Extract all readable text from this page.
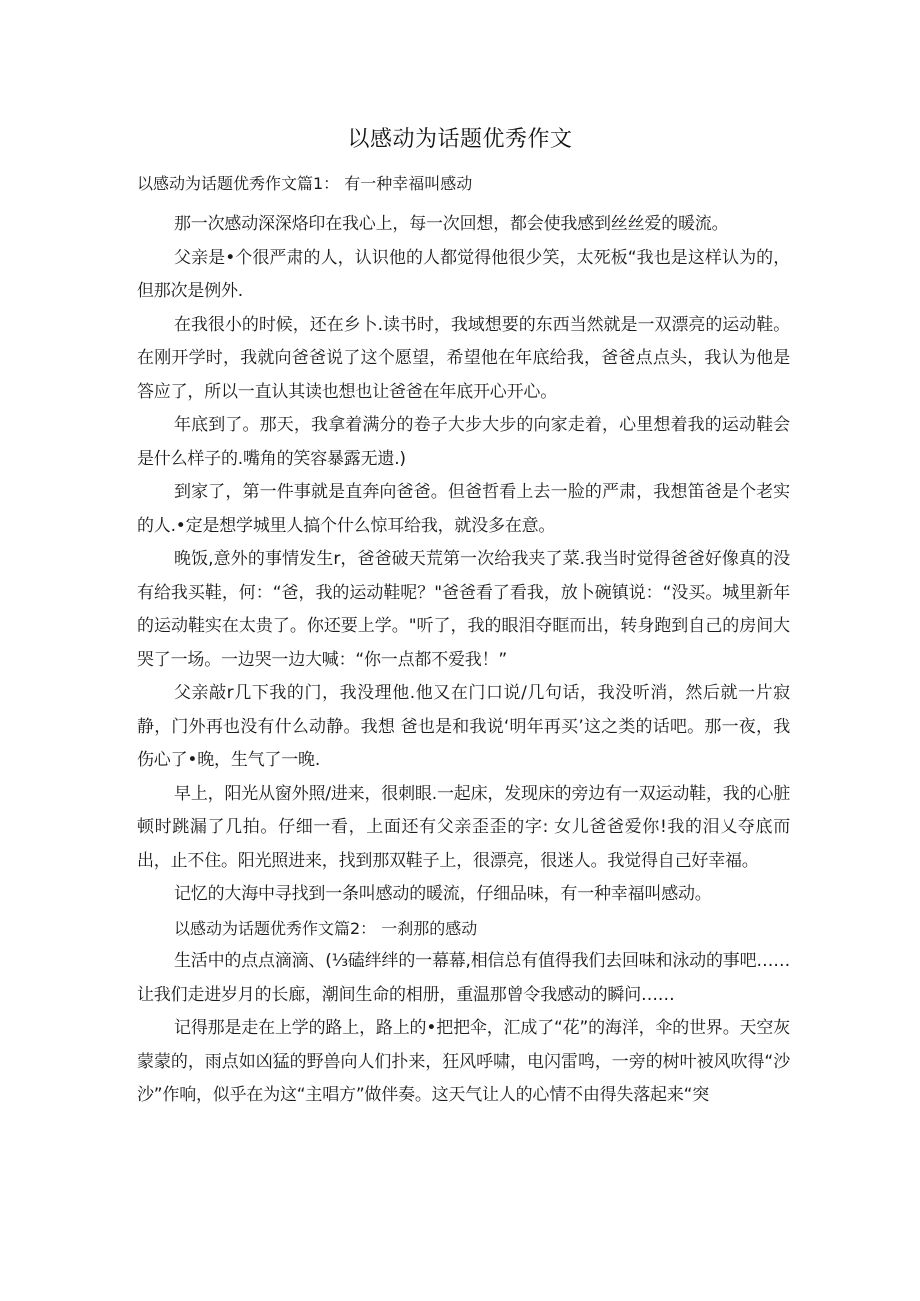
以感动为话题优秀作文
以感动为话题优秀作文篇1： 有一种幸福叫感动

那一次感动深深烙印在我心上，每一次回想，都会使我感到丝丝爱的暖流。

父亲是•个很严肃的人，认识他的人都觉得他很少笑，太死板“我也是这样认为的，但那次是例外.

在我很小的时候，还在乡卜.读书时，我域想要的东西当然就是一双漂亮的运动鞋。在刚开学时，我就向爸爸说了这个愿望，希望他在年底给我，爸爸点点头，我认为他是答应了，所以一直认其读也想也让爸爸在年底开心开心。

年底到了。那天，我拿着满分的卷子大步大步的向家走着，心里想着我的运动鞋会是什么样子的.嘴角的笑容暴露无遗.)

到家了，第一件事就是直奔向爸爸。但爸哲看上去一脸的严肃，我想笛爸是个老实的人.•定是想学城里人搞个什么惊耳给我，就没多在意。

晚饭,意外的事情发生r，爸爸破天荒第一次给我夹了菜.我当时觉得爸爸好像真的没有给我买鞋，何：“爸，我的运动鞋呢？"爸爸看了看我，放卜碗镇说：“没买。城里新年的运动鞋实在太贵了。你还要上学。"听了，我的眼泪夺眶而出，转身跑到自己的房间大哭了一场。一边哭一边大喊：“你一点都不爱我！”

父亲敲r几下我的门，我没理他.他又在门口说/几句话，我没听消，然后就一片寂静，门外再也没有什么动静。我想 爸也是和我说‘明年再买’这之类的话吧。那一夜，我伤心了•晚，生气了一晚.

早上，阳光从窗外照/进来，很刺眼.一起床，发现床的旁边有一双运动鞋，我的心脏顿时跳漏了几拍。仔细一看，上面还有父亲歪歪的字: 女儿爸爸爱你!我的泪乂夺底而出，止不住。阳光照进来，找到那双鞋子上，很漂亮，很迷人。我觉得自己好幸福。

记忆的大海中寻找到一条叫感动的暖流，仔细品味，有一种幸福叫感动。

以感动为话题优秀作文篇2： 一刹那的感动

生活中的点点滴滴、(⅓磕绊绊的一幕幕,相信总有值得我们去回味和泳动的事吧……让我们走进岁月的长廊，潮间生命的相册，重温那曾令我感动的瞬问……

记得那是走在上学的路上，路上的•把把伞，汇成了“花”的海洋，伞的世界。天空灰蒙蒙的，雨点如凶猛的野兽向人们扑来，狂风呼啸，电闪雷鸣，一旁的树叶被风吹得“沙沙”作响，似乎在为这“主唱方”做伴奏。这天气让人的心情不由得失落起来“突
